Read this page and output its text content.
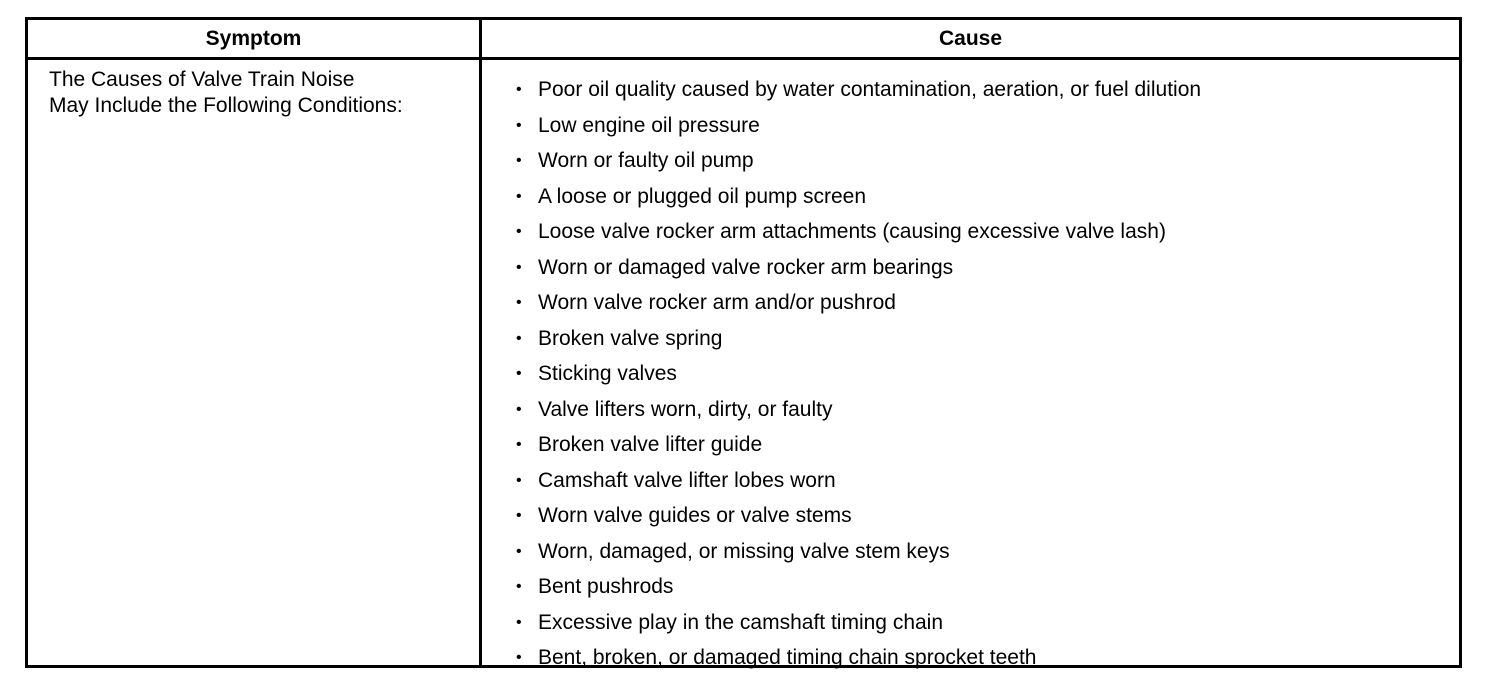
Symptom	Cause
The Causes of Valve Train Noise
May Include the Following Conditions:
• Poor oil quality caused by water contamination, aeration, or fuel dilution
• Low engine oil pressure
• Worn or faulty oil pump
• A loose or plugged oil pump screen
• Loose valve rocker arm attachments (causing excessive valve lash)
• Worn or damaged valve rocker arm bearings
• Worn valve rocker arm and/or pushrod
• Broken valve spring
• Sticking valves
• Valve lifters worn, dirty, or faulty
• Broken valve lifter guide
• Camshaft valve lifter lobes worn
• Worn valve guides or valve stems
• Worn, damaged, or missing valve stem keys
• Bent pushrods
• Excessive play in the camshaft timing chain
• Bent, broken, or damaged timing chain sprocket teeth
